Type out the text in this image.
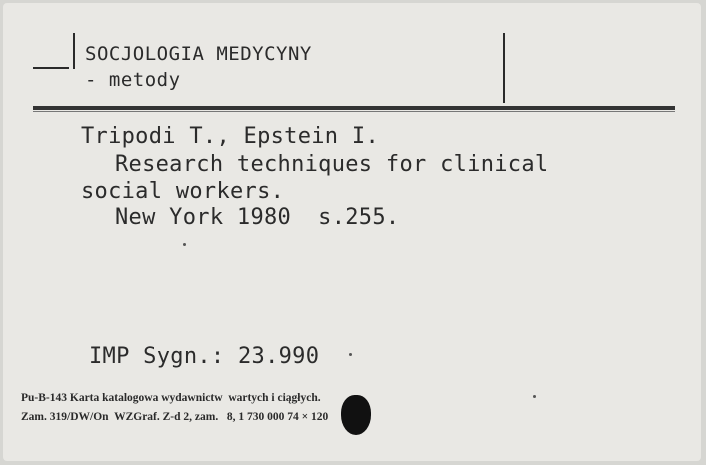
SOCJOLOGIA MEDYCYNY
- metody
Tripodi T., Epstein I.
Research techniques for clinical
social workers.
New York 1980  s.255.
IMP Sygn.: 23.990
Pu-B-143 Karta katalogowa wydawnictw  wartych i ciągłych.
Zam. 319/DW/On  WZGraf. Z-d 2, zam.   8, 1 730 000 74 × 120
